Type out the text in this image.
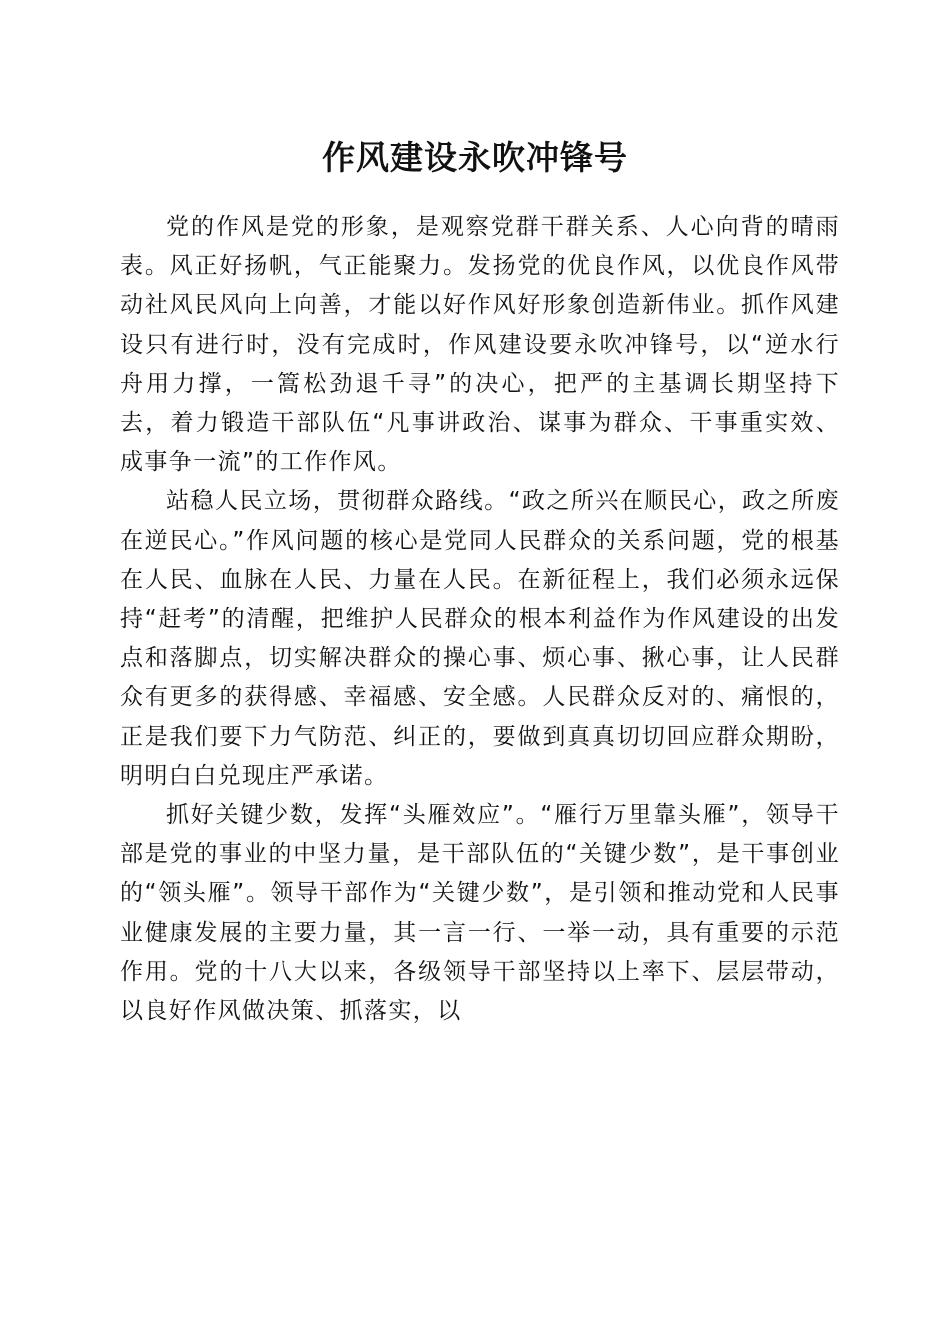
作风建设永吹冲锋号

党的作风是党的形象，是观察党群干群关系、人心向背的晴雨表。风正好扬帆，气正能聚力。发扬党的优良作风，以优良作风带动社风民风向上向善，才能以好作风好形象创造新伟业。抓作风建设只有进行时，没有完成时，作风建设要永吹冲锋号，以“逆水行舟用力撑，一篙松劲退千寻”的决心，把严的主基调长期坚持下去，着力锻造干部队伍“凡事讲政治、谋事为群众、干事重实效、成事争一流”的工作作风。

站稳人民立场，贯彻群众路线。“政之所兴在顺民心，政之所废在逆民心。”作风问题的核心是党同人民群众的关系问题，党的根基在人民、血脉在人民、力量在人民。在新征程上，我们必须永远保持“赶考”的清醒，把维护人民群众的根本利益作为作风建设的出发点和落脚点，切实解决群众的操心事、烦心事、揪心事，让人民群众有更多的获得感、幸福感、安全感。人民群众反对的、痛恨的，正是我们要下力气防范、纠正的，要做到真真切切回应群众期盼，明明白白兑现庄严承诺。

抓好关键少数，发挥“头雁效应”。“雁行万里靠头雁”，领导干部是党的事业的中坚力量，是干部队伍的“关键少数”，是干事创业的“领头雁”。领导干部作为“关键少数”，是引领和推动党和人民事业健康发展的主要力量，其一言一行、一举一动，具有重要的示范作用。党的十八大以来，各级领导干部坚持以上率下、层层带动，以良好作风做决策、抓落实，以
